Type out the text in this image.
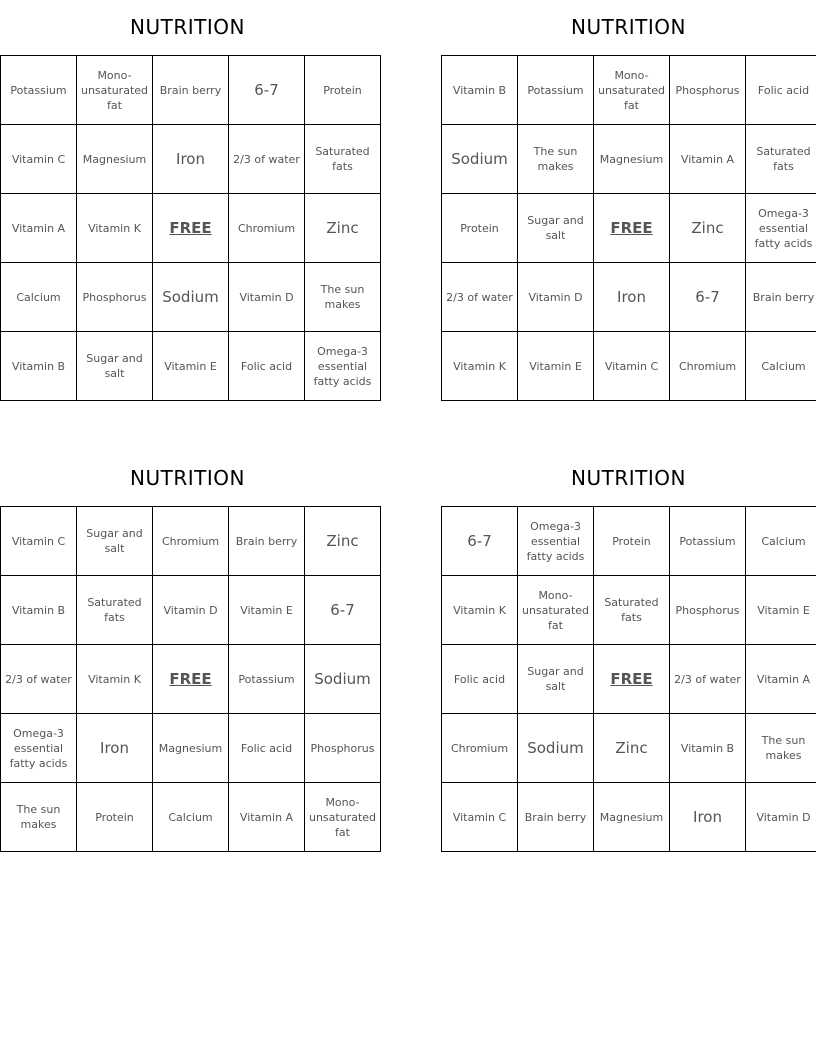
NUTRITION
Potassium	Mono-unsaturated fat	Brain berry	6-7	Protein
Vitamin C	Magnesium	Iron	2/3 of water	Saturated fats
Vitamin A	Vitamin K	FREE	Chromium	Zinc
Calcium	Phosphorus	Sodium	Vitamin D	The sun makes
Vitamin B	Sugar and salt	Vitamin E	Folic acid	Omega-3 essential fatty acids
NUTRITION
Vitamin B	Potassium	Mono-unsaturated fat	Phosphorus	Folic acid
Sodium	The sun makes	Magnesium	Vitamin A	Saturated fats
Protein	Sugar and salt	FREE	Zinc	Omega-3 essential fatty acids
2/3 of water	Vitamin D	Iron	6-7	Brain berry
Vitamin K	Vitamin E	Vitamin C	Chromium	Calcium
NUTRITION
Vitamin C	Sugar and salt	Chromium	Brain berry	Zinc
Vitamin B	Saturated fats	Vitamin D	Vitamin E	6-7
2/3 of water	Vitamin K	FREE	Potassium	Sodium
Omega-3 essential fatty acids	Iron	Magnesium	Folic acid	Phosphorus
The sun makes	Protein	Calcium	Vitamin A	Mono-unsaturated fat
NUTRITION
6-7	Omega-3 essential fatty acids	Protein	Potassium	Calcium
Vitamin K	Mono-unsaturated fat	Saturated fats	Phosphorus	Vitamin E
Folic acid	Sugar and salt	FREE	2/3 of water	Vitamin A
Chromium	Sodium	Zinc	Vitamin B	The sun makes
Vitamin C	Brain berry	Magnesium	Iron	Vitamin D
